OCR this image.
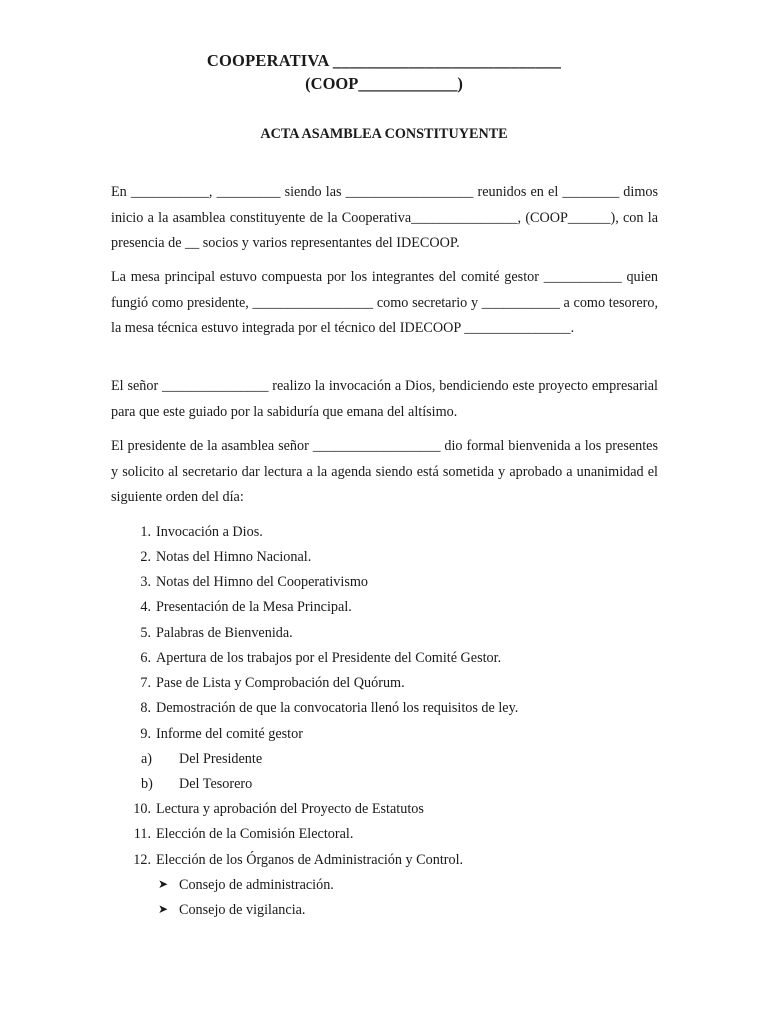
COOPERATIVA ___________________________
(COOP____________)
ACTA ASAMBLEA CONSTITUYENTE

En ___________, _________ siendo las __________________ reunidos en el ________ dimos inicio a la asamblea constituyente de la Cooperativa_______________, (COOP______), con la presencia de __ socios y varios representantes del IDECOOP.

La mesa principal estuvo compuesta por los integrantes del comité gestor ___________ quien fungió como presidente, _________________ como secretario y ___________ a como tesorero, la mesa técnica estuvo integrada por el técnico del IDECOOP _______________.

El señor _______________ realizo la invocación a Dios, bendiciendo este proyecto empresarial para que este guiado por la sabiduría que emana del altísimo.

El presidente de la asamblea señor __________________ dio formal bienvenida a los presentes y solicito al secretario dar lectura a la agenda siendo está sometida y aprobado a unanimidad el siguiente orden del día:

1. Invocación a Dios.
2. Notas del Himno Nacional.
3. Notas del Himno del Cooperativismo
4. Presentación de la Mesa Principal.
5. Palabras de Bienvenida.
6. Apertura de los trabajos por el Presidente del Comité Gestor.
7. Pase de Lista y Comprobación del Quórum.
8. Demostración de que la convocatoria llenó los requisitos de ley.
9. Informe del comité gestor
a) Del Presidente
b) Del Tesorero
10. Lectura y aprobación del Proyecto de Estatutos
11. Elección de la Comisión Electoral.
12. Elección de los Órganos de Administración y Control.
➤ Consejo de administración.
➤ Consejo de vigilancia.
